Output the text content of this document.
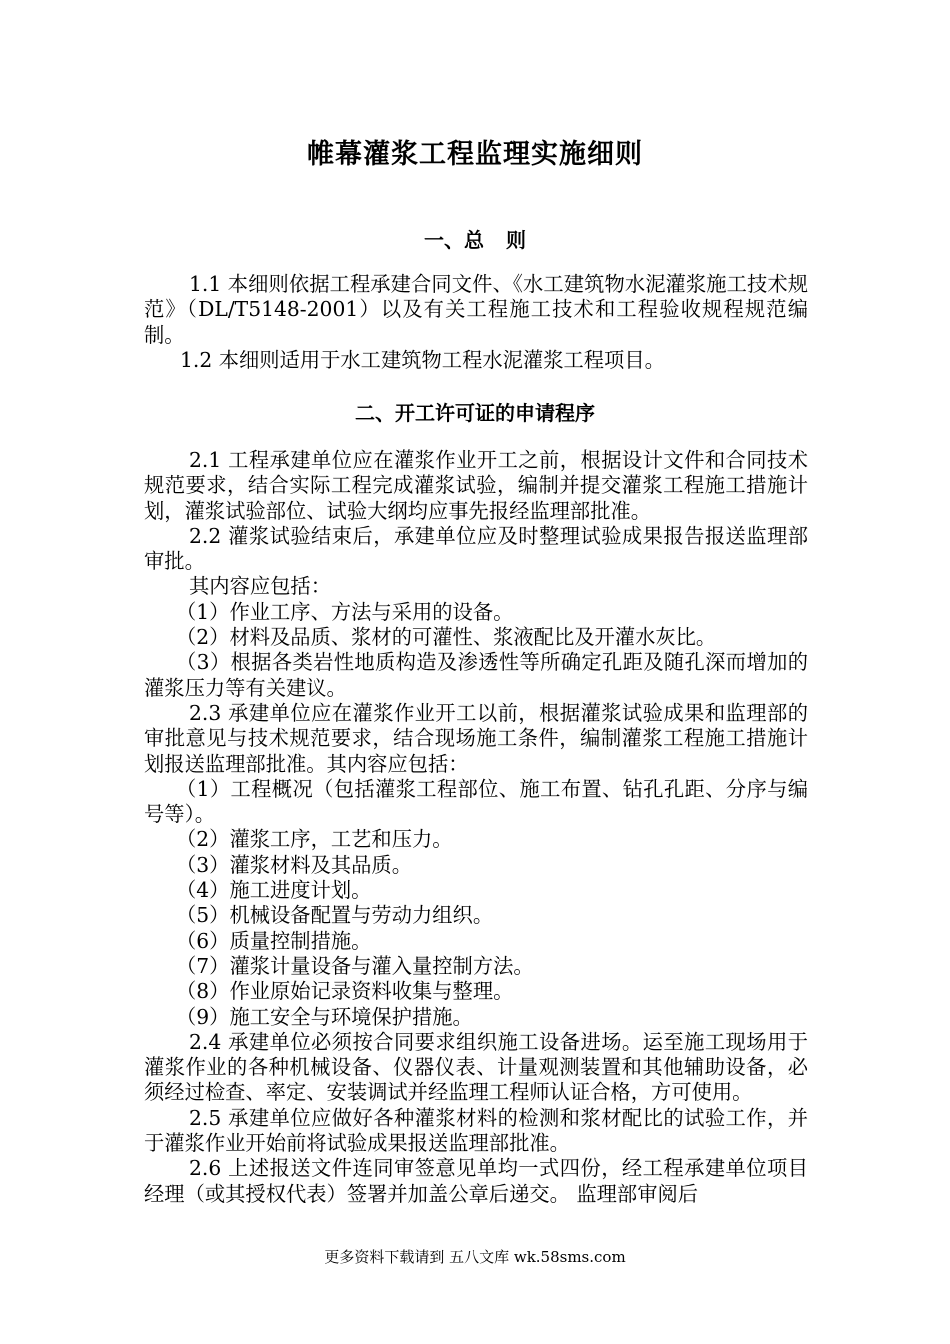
帷幕灌浆工程监理实施细则
一、总 则

1.1 本细则依据工程承建合同文件、《水工建筑物水泥灌浆施工技术规范》（DL/T5148-2001）以及有关工程施工技术和工程验收规程规范编制。

1.2 本细则适用于水工建筑物工程水泥灌浆工程项目。

二、开工许可证的申请程序

2.1 工程承建单位应在灌浆作业开工之前，根据设计文件和合同技术规范要求，结合实际工程完成灌浆试验，编制并提交灌浆工程施工措施计划，灌浆试验部位、试验大纲均应事先报经监理部批准。

2.2 灌浆试验结束后，承建单位应及时整理试验成果报告报送监理部审批。

其内容应包括：

（1）作业工序、方法与采用的设备。

（2）材料及品质、浆材的可灌性、浆液配比及开灌水灰比。

（3）根据各类岩性地质构造及渗透性等所确定孔距及随孔深而增加的灌浆压力等有关建议。

2.3 承建单位应在灌浆作业开工以前，根据灌浆试验成果和监理部的审批意见与技术规范要求，结合现场施工条件，编制灌浆工程施工措施计划报送监理部批准。其内容应包括：

（1）工程概况（包括灌浆工程部位、施工布置、钻孔孔距、分序与编号等）。

（2）灌浆工序，工艺和压力。

（3）灌浆材料及其品质。

（4）施工进度计划。

（5）机械设备配置与劳动力组织。

（6）质量控制措施。

（7）灌浆计量设备与灌入量控制方法。

（8）作业原始记录资料收集与整理。

（9）施工安全与环境保护措施。

2.4 承建单位必须按合同要求组织施工设备进场。运至施工现场用于灌浆作业的各种机械设备、仪器仪表、计量观测装置和其他辅助设备，必须经过检查、率定、安装调试并经监理工程师认证合格，方可使用。

2.5 承建单位应做好各种灌浆材料的检测和浆材配比的试验工作，并于灌浆作业开始前将试验成果报送监理部批准。

2.6 上述报送文件连同审签意见单均一式四份，经工程承建单位项目经理（或其授权代表）签署并加盖公章后递交。 监理部审阅后

更多资料下载请到 五八文库 wk.58sms.com
